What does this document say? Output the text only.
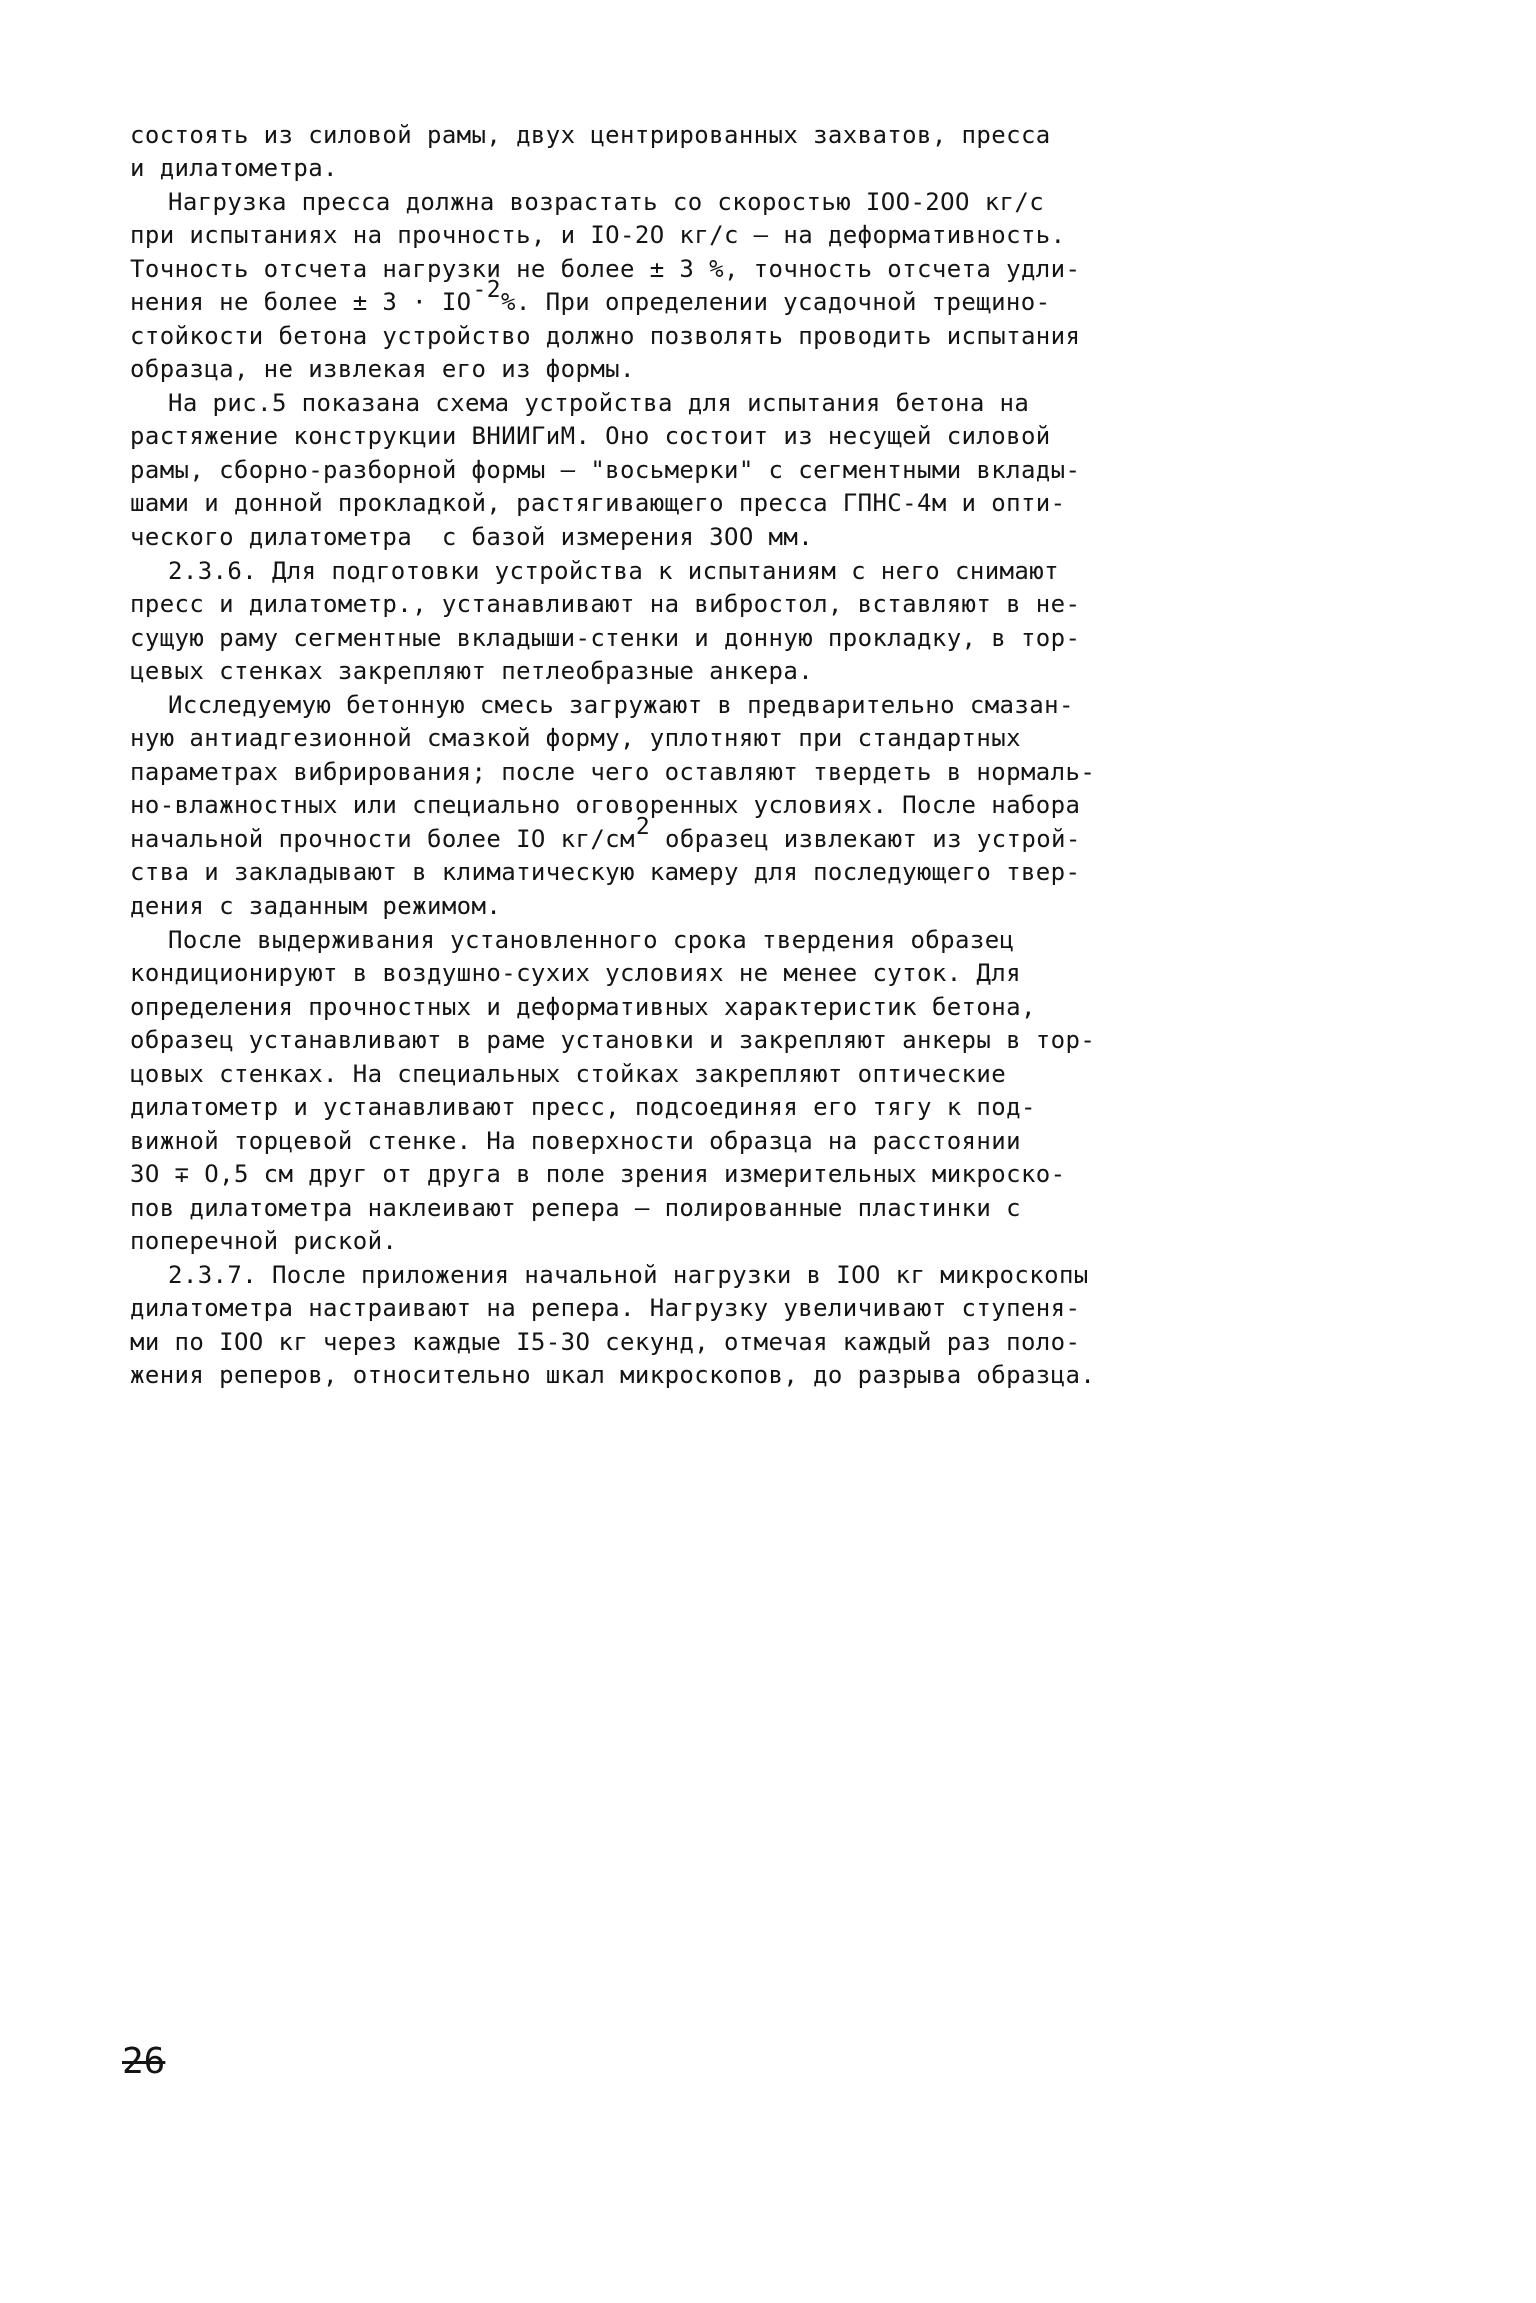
состоять из силовой рамы, двух центрированных захватов, пресса
и дилатометра.
Нагрузка пресса должна возрастать со скоростью IОО-2ОО кг/с
при испытаниях на прочность, и IО-2О кг/с – на деформативность.
Точность отсчета нагрузки не более ± 3 %, точность отсчета удли-
нения не более ± $3 \cdot IО^{-2}\%$. При определении усадочной трещино-
стойкости бетона устройство должно позволять проводить испытания
образца, не извлекая его из формы.
На рис.5 показана схема устройства для испытания бетона на
растяжение конструкции ВНИИГиМ. Оно состоит из несущей силовой
рамы, сборно-разборной формы – "восьмерки" с сегментными вклады-
шами и донной прокладкой, растягивающего пресса ГПНС-4м и опти-
ческого дилатометра  с базой измерения 3ОО мм.
2.3.6. Для подготовки устройства к испытаниям с него снимают
пресс и дилатометр., устанавливают на вибростол, вставляют в не-
сущую раму сегментные вкладыши-стенки и донную прокладку, в тор-
цевых стенках закрепляют петлеобразные анкера.
Исследуемую бетонную смесь загружают в предварительно смазан-
ную антиадгезионной смазкой форму, уплотняют при стандартных
параметрах вибрирования; после чего оставляют твердеть в нормаль-
но-влажностных или специально оговоренных условиях. После набора
начальной прочности более IО $кг/см^2$ образец извлекают из устрой-
ства и закладывают в климатическую камеру для последующего твер-
дения с заданным режимом.
После выдерживания установленного срока твердения образец
кондиционируют в воздушно-сухих условиях не менее суток. Для
определения прочностных и деформативных характеристик бетона,
образец устанавливают в раме установки и закрепляют анкеры в тор-
цовых стенках. На специальных стойках закрепляют оптические
дилатометр и устанавливают пресс, подсоединяя его тягу к под-
вижной торцевой стенке. На поверхности образца на расстоянии
3О ∓ О,5 см друг от друга в поле зрения измерительных микроско-
пов дилатометра наклеивают репера – полированные пластинки с
поперечной риской.
2.3.7. После приложения начальной нагрузки в IОО кг микроскопы
дилатометра настраивают на репера. Нагрузку увеличивают ступеня-
ми по IОО кг через каждые I5-3О секунд, отмечая каждый раз поло-
жения реперов, относительно шкал микроскопов, до разрыва образца.
26
